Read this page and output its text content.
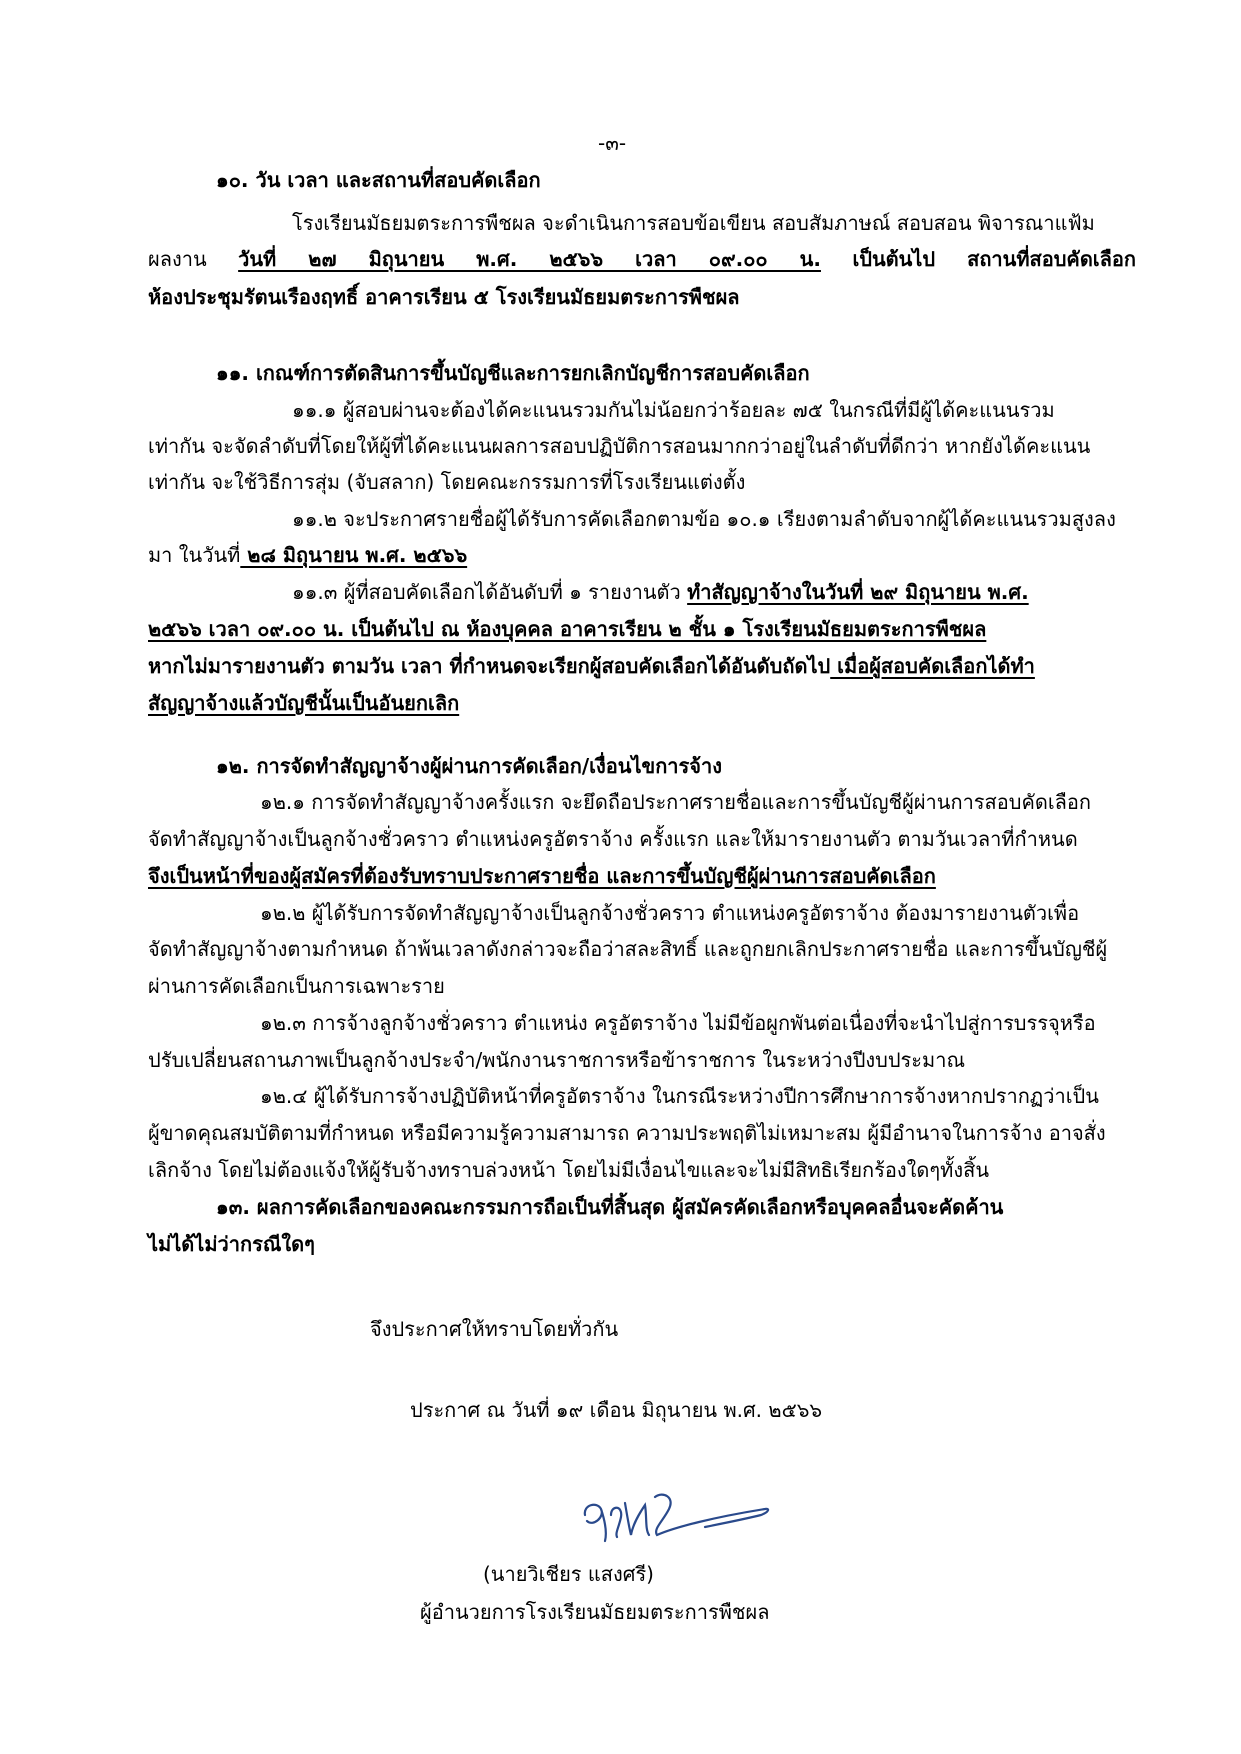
-๓-
๑๐. วัน เวลา และสถานที่สอบคัดเลือก
โรงเรียนมัธยมตระการพืชผล จะดำเนินการสอบข้อเขียน สอบสัมภาษณ์ สอบสอน พิจารณาแฟ้ม
ผลงาน วันที่ ๒๗ มิถุนายน พ.ศ. ๒๕๖๖ เวลา ๐๙.๐๐ น. เป็นต้นไป สถานที่สอบคัดเลือก
ห้องประชุมรัตนเรืองฤทธิ์ อาคารเรียน ๕ โรงเรียนมัธยมตระการพืชผล
๑๑. เกณฑ์การตัดสินการขึ้นบัญชีและการยกเลิกบัญชีการสอบคัดเลือก
๑๑.๑ ผู้สอบผ่านจะต้องได้คะแนนรวมกันไม่น้อยกว่าร้อยละ ๗๕ ในกรณีที่มีผู้ได้คะแนนรวม
เท่ากัน จะจัดลำดับที่โดยให้ผู้ที่ได้คะแนนผลการสอบปฏิบัติการสอนมากกว่าอยู่ในลำดับที่ดีกว่า หากยังได้คะแนน
เท่ากัน จะใช้วิธีการสุ่ม (จับสลาก) โดยคณะกรรมการที่โรงเรียนแต่งตั้ง
๑๑.๒ จะประกาศรายชื่อผู้ได้รับการคัดเลือกตามข้อ ๑๐.๑ เรียงตามลำดับจากผู้ได้คะแนนรวมสูงลง
มา ในวันที่ ๒๘ มิถุนายน พ.ศ. ๒๕๖๖
๑๑.๓ ผู้ที่สอบคัดเลือกได้อันดับที่ ๑ รายงานตัว ทำสัญญาจ้างในวันที่ ๒๙ มิถุนายน พ.ศ.
๒๕๖๖ เวลา ๐๙.๐๐ น. เป็นต้นไป ณ ห้องบุคคล อาคารเรียน ๒ ชั้น ๑ โรงเรียนมัธยมตระการพืชผล
หากไม่มารายงานตัว ตามวัน เวลา ที่กำหนดจะเรียกผู้สอบคัดเลือกได้อันดับถัดไป เมื่อผู้สอบคัดเลือกได้ทำ
สัญญาจ้างแล้วบัญชีนั้นเป็นอันยกเลิก
๑๒. การจัดทำสัญญาจ้างผู้ผ่านการคัดเลือก/เงื่อนไขการจ้าง
๑๒.๑ การจัดทำสัญญาจ้างครั้งแรก จะยึดถือประกาศรายชื่อและการขึ้นบัญชีผู้ผ่านการสอบคัดเลือก
จัดทำสัญญาจ้างเป็นลูกจ้างชั่วคราว ตำแหน่งครูอัตราจ้าง ครั้งแรก และให้มารายงานตัว ตามวันเวลาที่กำหนด
จึงเป็นหน้าที่ของผู้สมัครที่ต้องรับทราบประกาศรายชื่อ และการขึ้นบัญชีผู้ผ่านการสอบคัดเลือก
๑๒.๒ ผู้ได้รับการจัดทำสัญญาจ้างเป็นลูกจ้างชั่วคราว ตำแหน่งครูอัตราจ้าง ต้องมารายงานตัวเพื่อ
จัดทำสัญญาจ้างตามกำหนด ถ้าพ้นเวลาดังกล่าวจะถือว่าสละสิทธิ์ และถูกยกเลิกประกาศรายชื่อ และการขึ้นบัญชีผู้
ผ่านการคัดเลือกเป็นการเฉพาะราย
๑๒.๓ การจ้างลูกจ้างชั่วคราว ตำแหน่ง ครูอัตราจ้าง ไม่มีข้อผูกพันต่อเนื่องที่จะนำไปสู่การบรรจุหรือ
ปรับเปลี่ยนสถานภาพเป็นลูกจ้างประจำ/พนักงานราชการหรือข้าราชการ ในระหว่างปีงบประมาณ
๑๒.๔ ผู้ได้รับการจ้างปฏิบัติหน้าที่ครูอัตราจ้าง ในกรณีระหว่างปีการศึกษาการจ้างหากปรากฏว่าเป็น
ผู้ขาดคุณสมบัติตามที่กำหนด หรือมีความรู้ความสามารถ ความประพฤติไม่เหมาะสม ผู้มีอำนาจในการจ้าง อาจสั่ง
เลิกจ้าง โดยไม่ต้องแจ้งให้ผู้รับจ้างทราบล่วงหน้า โดยไม่มีเงื่อนไขและจะไม่มีสิทธิเรียกร้องใดๆทั้งสิ้น
๑๓. ผลการคัดเลือกของคณะกรรมการถือเป็นที่สิ้นสุด ผู้สมัครคัดเลือกหรือบุคคลอื่นจะคัดค้าน
ไม่ได้ไม่ว่ากรณีใดๆ
จึงประกาศให้ทราบโดยทั่วกัน
ประกาศ ณ วันที่ ๑๙ เดือน มิถุนายน พ.ศ. ๒๕๖๖
(นายวิเชียร แสงศรี)
ผู้อำนวยการโรงเรียนมัธยมตระการพืชผล
